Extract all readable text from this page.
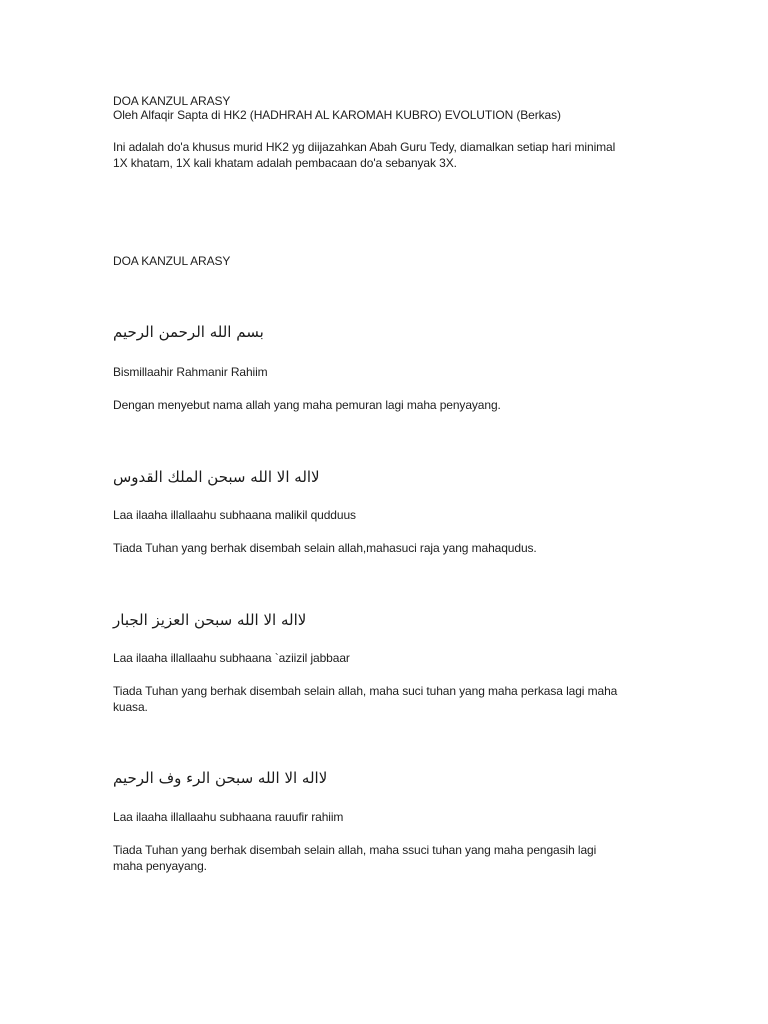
DOA KANZUL ARASY
Oleh Alfaqir Sapta di HK2 (HADHRAH AL KAROMAH KUBRO) EVOLUTION (Berkas)
Ini adalah do'a khusus murid HK2 yg diijazahkan Abah Guru Tedy, diamalkan setiap hari minimal
1X khatam, 1X kali khatam adalah pembacaan do'a sebanyak 3X.
DOA KANZUL ARASY
بسم الله الرحمن الرحيم
Bismillaahir Rahmanir Rahiim
Dengan menyebut nama allah yang maha pemuran lagi maha penyayang.
لااله الا الله سبحن الملك القدوس
Laa ilaaha illallaahu subhaana malikil qudduus
Tiada Tuhan yang berhak disembah selain allah,mahasuci raja yang mahaqudus.
لااله الا الله سبحن العزيز الجبار
Laa ilaaha illallaahu subhaana `aziizil jabbaar
Tiada Tuhan yang berhak disembah selain allah, maha suci tuhan yang maha perkasa lagi maha
kuasa.
لااله الا الله سبحن الرء وف الرحيم
Laa ilaaha illallaahu subhaana rauufir rahiim
Tiada Tuhan yang berhak disembah selain allah, maha ssuci tuhan yang maha pengasih lagi
maha penyayang.
